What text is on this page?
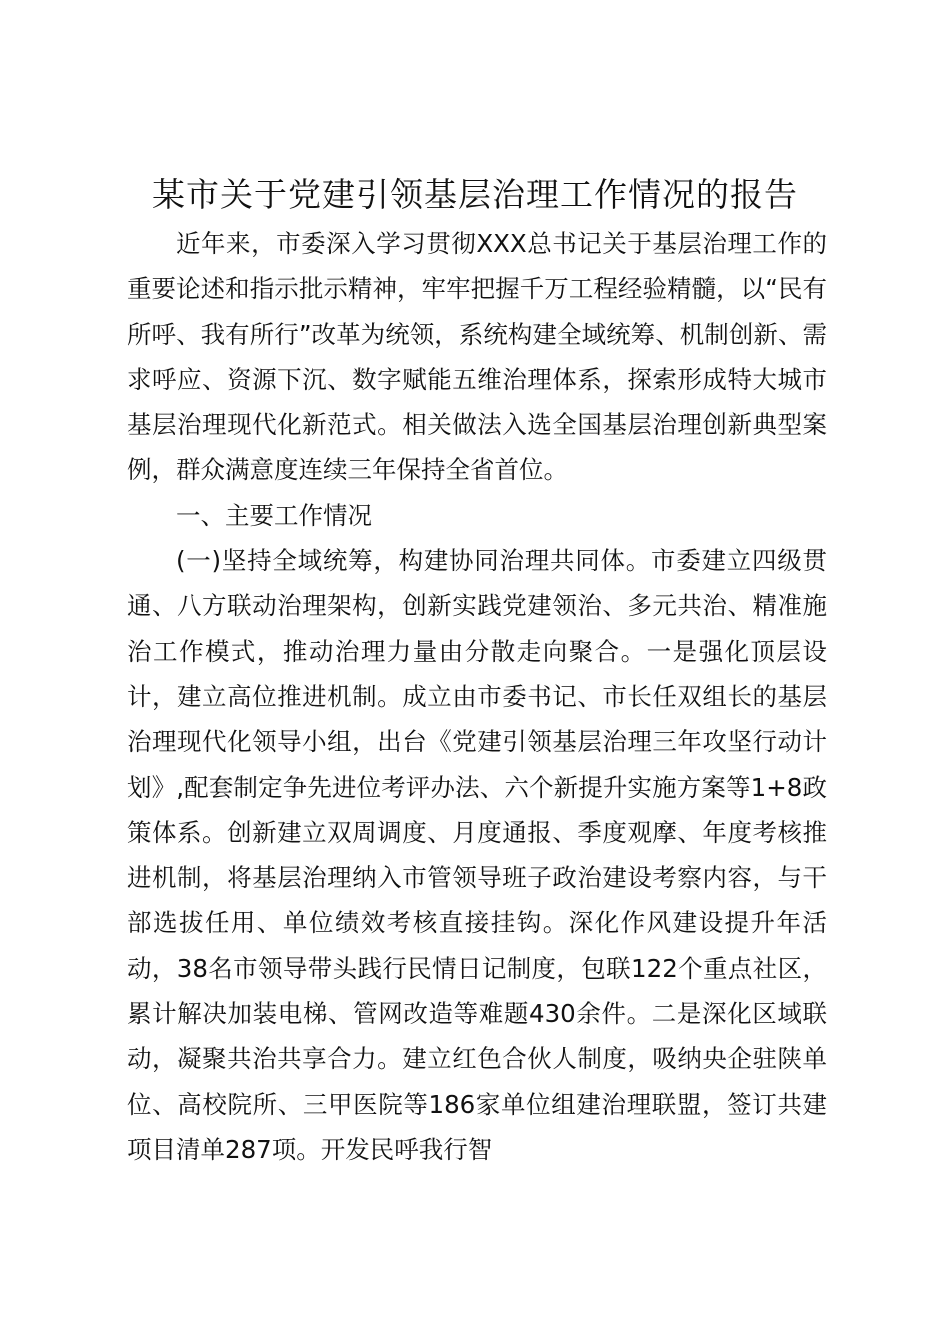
某市关于党建引领基层治理工作情况的报告

近年来，市委深入学习贯彻XXX总书记关于基层治理工作的重要论述和指示批示精神，牢牢把握千万工程经验精髓，以“民有所呼、我有所行”改革为统领，系统构建全域统筹、机制创新、需求呼应、资源下沉、数字赋能五维治理体系，探索形成特大城市基层治理现代化新范式。相关做法入选全国基层治理创新典型案例，群众满意度连续三年保持全省首位。

一、主要工作情况

(一)坚持全域统筹，构建协同治理共同体。市委建立四级贯通、八方联动治理架构，创新实践党建领治、多元共治、精准施治工作模式，推动治理力量由分散走向聚合。一是强化顶层设计，建立高位推进机制。成立由市委书记、市长任双组长的基层治理现代化领导小组，出台《党建引领基层治理三年攻坚行动计划》,配套制定争先进位考评办法、六个新提升实施方案等1+8政策体系。创新建立双周调度、月度通报、季度观摩、年度考核推进机制，将基层治理纳入市管领导班子政治建设考察内容，与干部选拔任用、单位绩效考核直接挂钩。深化作风建设提升年活动，38名市领导带头践行民情日记制度，包联122个重点社区，累计解决加装电梯、管网改造等难题430余件。二是深化区域联动，凝聚共治共享合力。建立红色合伙人制度，吸纳央企驻陕单位、高校院所、三甲医院等186家单位组建治理联盟，签订共建项目清单287项。开发民呼我行智
